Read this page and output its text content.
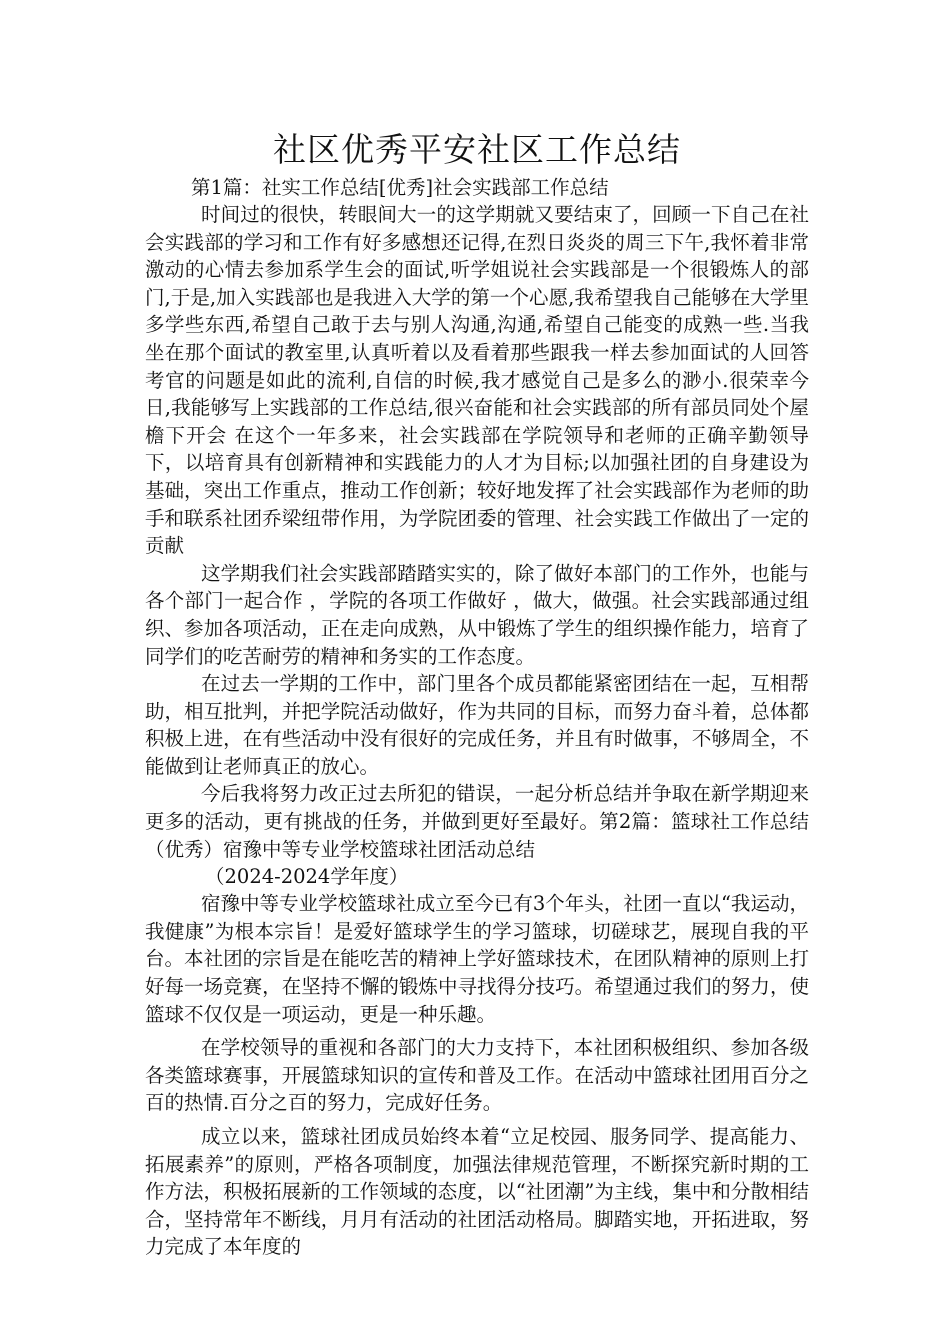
社区优秀平安社区工作总结

第1篇：社实工作总结[优秀]社会实践部工作总结

时间过的很快，转眼间大一的这学期就又要结束了，回顾一下自己在社会实践部的学习和工作有好多感想还记得,在烈日炎炎的周三下午,我怀着非常激动的心情去参加系学生会的面试,听学姐说社会实践部是一个很锻炼人的部门,于是,加入实践部也是我进入大学的第一个心愿,我希望我自己能够在大学里多学些东西,希望自己敢于去与别人沟通,沟通,希望自己能变的成熟一些.当我坐在那个面试的教室里,认真听着以及看着那些跟我一样去参加面试的人回答考官的问题是如此的流利,自信的时候,我才感觉自己是多么的渺小.很荣幸今日,我能够写上实践部的工作总结,很兴奋能和社会实践部的所有部员同处个屋檐下开会 在这个一年多来，社会实践部在学院领导和老师的正确辛勤领导下，以培育具有创新精神和实践能力的人才为目标;以加强社团的自身建设为基础，突出工作重点，推动工作创新；较好地发挥了社会实践部作为老师的助手和联系社团乔梁纽带作用，为学院团委的管理、社会实践工作做出了一定的贡献

这学期我们社会实践部踏踏实实的，除了做好本部门的工作外，也能与各个部门一起合作 ，学院的各项工作做好 ，做大，做强。社会实践部通过组织、参加各项活动，正在走向成熟，从中锻炼了学生的组织操作能力，培育了同学们的吃苦耐劳的精神和务实的工作态度。

在过去一学期的工作中，部门里各个成员都能紧密团结在一起，互相帮助，相互批判，并把学院活动做好，作为共同的目标，而努力奋斗着，总体都积极上进，在有些活动中没有很好的完成任务，并且有时做事，不够周全，不能做到让老师真正的放心。

今后我将努力改正过去所犯的错误，一起分析总结并争取在新学期迎来更多的活动，更有挑战的任务，并做到更好至最好。第2篇：篮球社工作总结（优秀）宿豫中等专业学校篮球社团活动总结

（2024-2024学年度）

宿豫中等专业学校篮球社成立至今已有3个年头，社团一直以“我运动，我健康”为根本宗旨！是爱好篮球学生的学习篮球，切磋球艺，展现自我的平台。本社团的宗旨是在能吃苦的精神上学好篮球技术，在团队精神的原则上打好每一场竞赛，在坚持不懈的锻炼中寻找得分技巧。希望通过我们的努力，使篮球不仅仅是一项运动，更是一种乐趣。

在学校领导的重视和各部门的大力支持下，本社团积极组织、参加各级各类篮球赛事，开展篮球知识的宣传和普及工作。在活动中篮球社团用百分之百的热情.百分之百的努力，完成好任务。

成立以来，篮球社团成员始终本着“立足校园、服务同学、提高能力、拓展素养”的原则，严格各项制度，加强法律规范管理，不断探究新时期的工作方法，积极拓展新的工作领域的态度，以“社团潮”为主线，集中和分散相结合，坚持常年不断线，月月有活动的社团活动格局。脚踏实地，开拓进取，努力完成了本年度的
